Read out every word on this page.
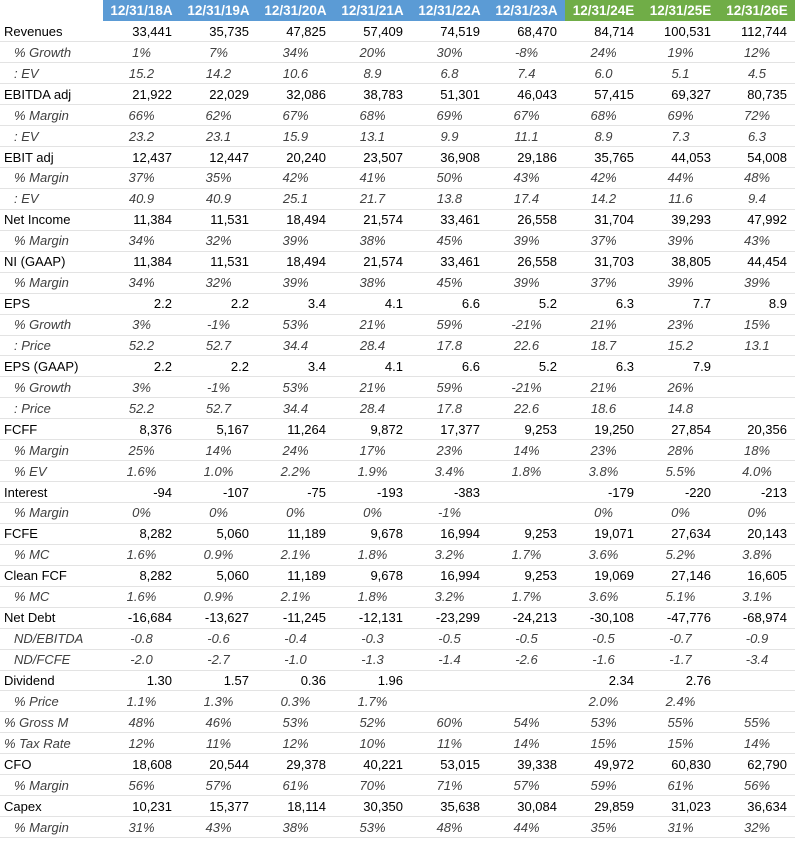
	12/31/18A	12/31/19A	12/31/20A	12/31/21A	12/31/22A	12/31/23A	12/31/24E	12/31/25E	12/31/26E
Revenues	33,441	35,735	47,825	57,409	74,519	68,470	84,714	100,531	112,744
% Growth	1%	7%	34%	20%	30%	-8%	24%	19%	12%
: EV	15.2	14.2	10.6	8.9	6.8	7.4	6.0	5.1	4.5
EBITDA adj	21,922	22,029	32,086	38,783	51,301	46,043	57,415	69,327	80,735
% Margin	66%	62%	67%	68%	69%	67%	68%	69%	72%
: EV	23.2	23.1	15.9	13.1	9.9	11.1	8.9	7.3	6.3
EBIT adj	12,437	12,447	20,240	23,507	36,908	29,186	35,765	44,053	54,008
% Margin	37%	35%	42%	41%	50%	43%	42%	44%	48%
: EV	40.9	40.9	25.1	21.7	13.8	17.4	14.2	11.6	9.4
Net Income	11,384	11,531	18,494	21,574	33,461	26,558	31,704	39,293	47,992
% Margin	34%	32%	39%	38%	45%	39%	37%	39%	43%
NI (GAAP)	11,384	11,531	18,494	21,574	33,461	26,558	31,703	38,805	44,454
% Margin	34%	32%	39%	38%	45%	39%	37%	39%	39%
EPS	2.2	2.2	3.4	4.1	6.6	5.2	6.3	7.7	8.9
% Growth	3%	-1%	53%	21%	59%	-21%	21%	23%	15%
: Price	52.2	52.7	34.4	28.4	17.8	22.6	18.7	15.2	13.1
EPS (GAAP)	2.2	2.2	3.4	4.1	6.6	5.2	6.3	7.9	
% Growth	3%	-1%	53%	21%	59%	-21%	21%	26%	
: Price	52.2	52.7	34.4	28.4	17.8	22.6	18.6	14.8	
FCFF	8,376	5,167	11,264	9,872	17,377	9,253	19,250	27,854	20,356
% Margin	25%	14%	24%	17%	23%	14%	23%	28%	18%
% EV	1.6%	1.0%	2.2%	1.9%	3.4%	1.8%	3.8%	5.5%	4.0%
Interest	-94	-107	-75	-193	-383		-179	-220	-213
% Margin	0%	0%	0%	0%	-1%		0%	0%	0%
FCFE	8,282	5,060	11,189	9,678	16,994	9,253	19,071	27,634	20,143
% MC	1.6%	0.9%	2.1%	1.8%	3.2%	1.7%	3.6%	5.2%	3.8%
Clean FCF	8,282	5,060	11,189	9,678	16,994	9,253	19,069	27,146	16,605
% MC	1.6%	0.9%	2.1%	1.8%	3.2%	1.7%	3.6%	5.1%	3.1%
Net Debt	-16,684	-13,627	-11,245	-12,131	-23,299	-24,213	-30,108	-47,776	-68,974
ND/EBITDA	-0.8	-0.6	-0.4	-0.3	-0.5	-0.5	-0.5	-0.7	-0.9
ND/FCFE	-2.0	-2.7	-1.0	-1.3	-1.4	-2.6	-1.6	-1.7	-3.4
Dividend	1.30	1.57	0.36	1.96			2.34	2.76	
% Price	1.1%	1.3%	0.3%	1.7%			2.0%	2.4%	
% Gross M	48%	46%	53%	52%	60%	54%	53%	55%	55%
% Tax Rate	12%	11%	12%	10%	11%	14%	15%	15%	14%
CFO	18,608	20,544	29,378	40,221	53,015	39,338	49,972	60,830	62,790
% Margin	56%	57%	61%	70%	71%	57%	59%	61%	56%
Capex	10,231	15,377	18,114	30,350	35,638	30,084	29,859	31,023	36,634
% Margin	31%	43%	38%	53%	48%	44%	35%	31%	32%
